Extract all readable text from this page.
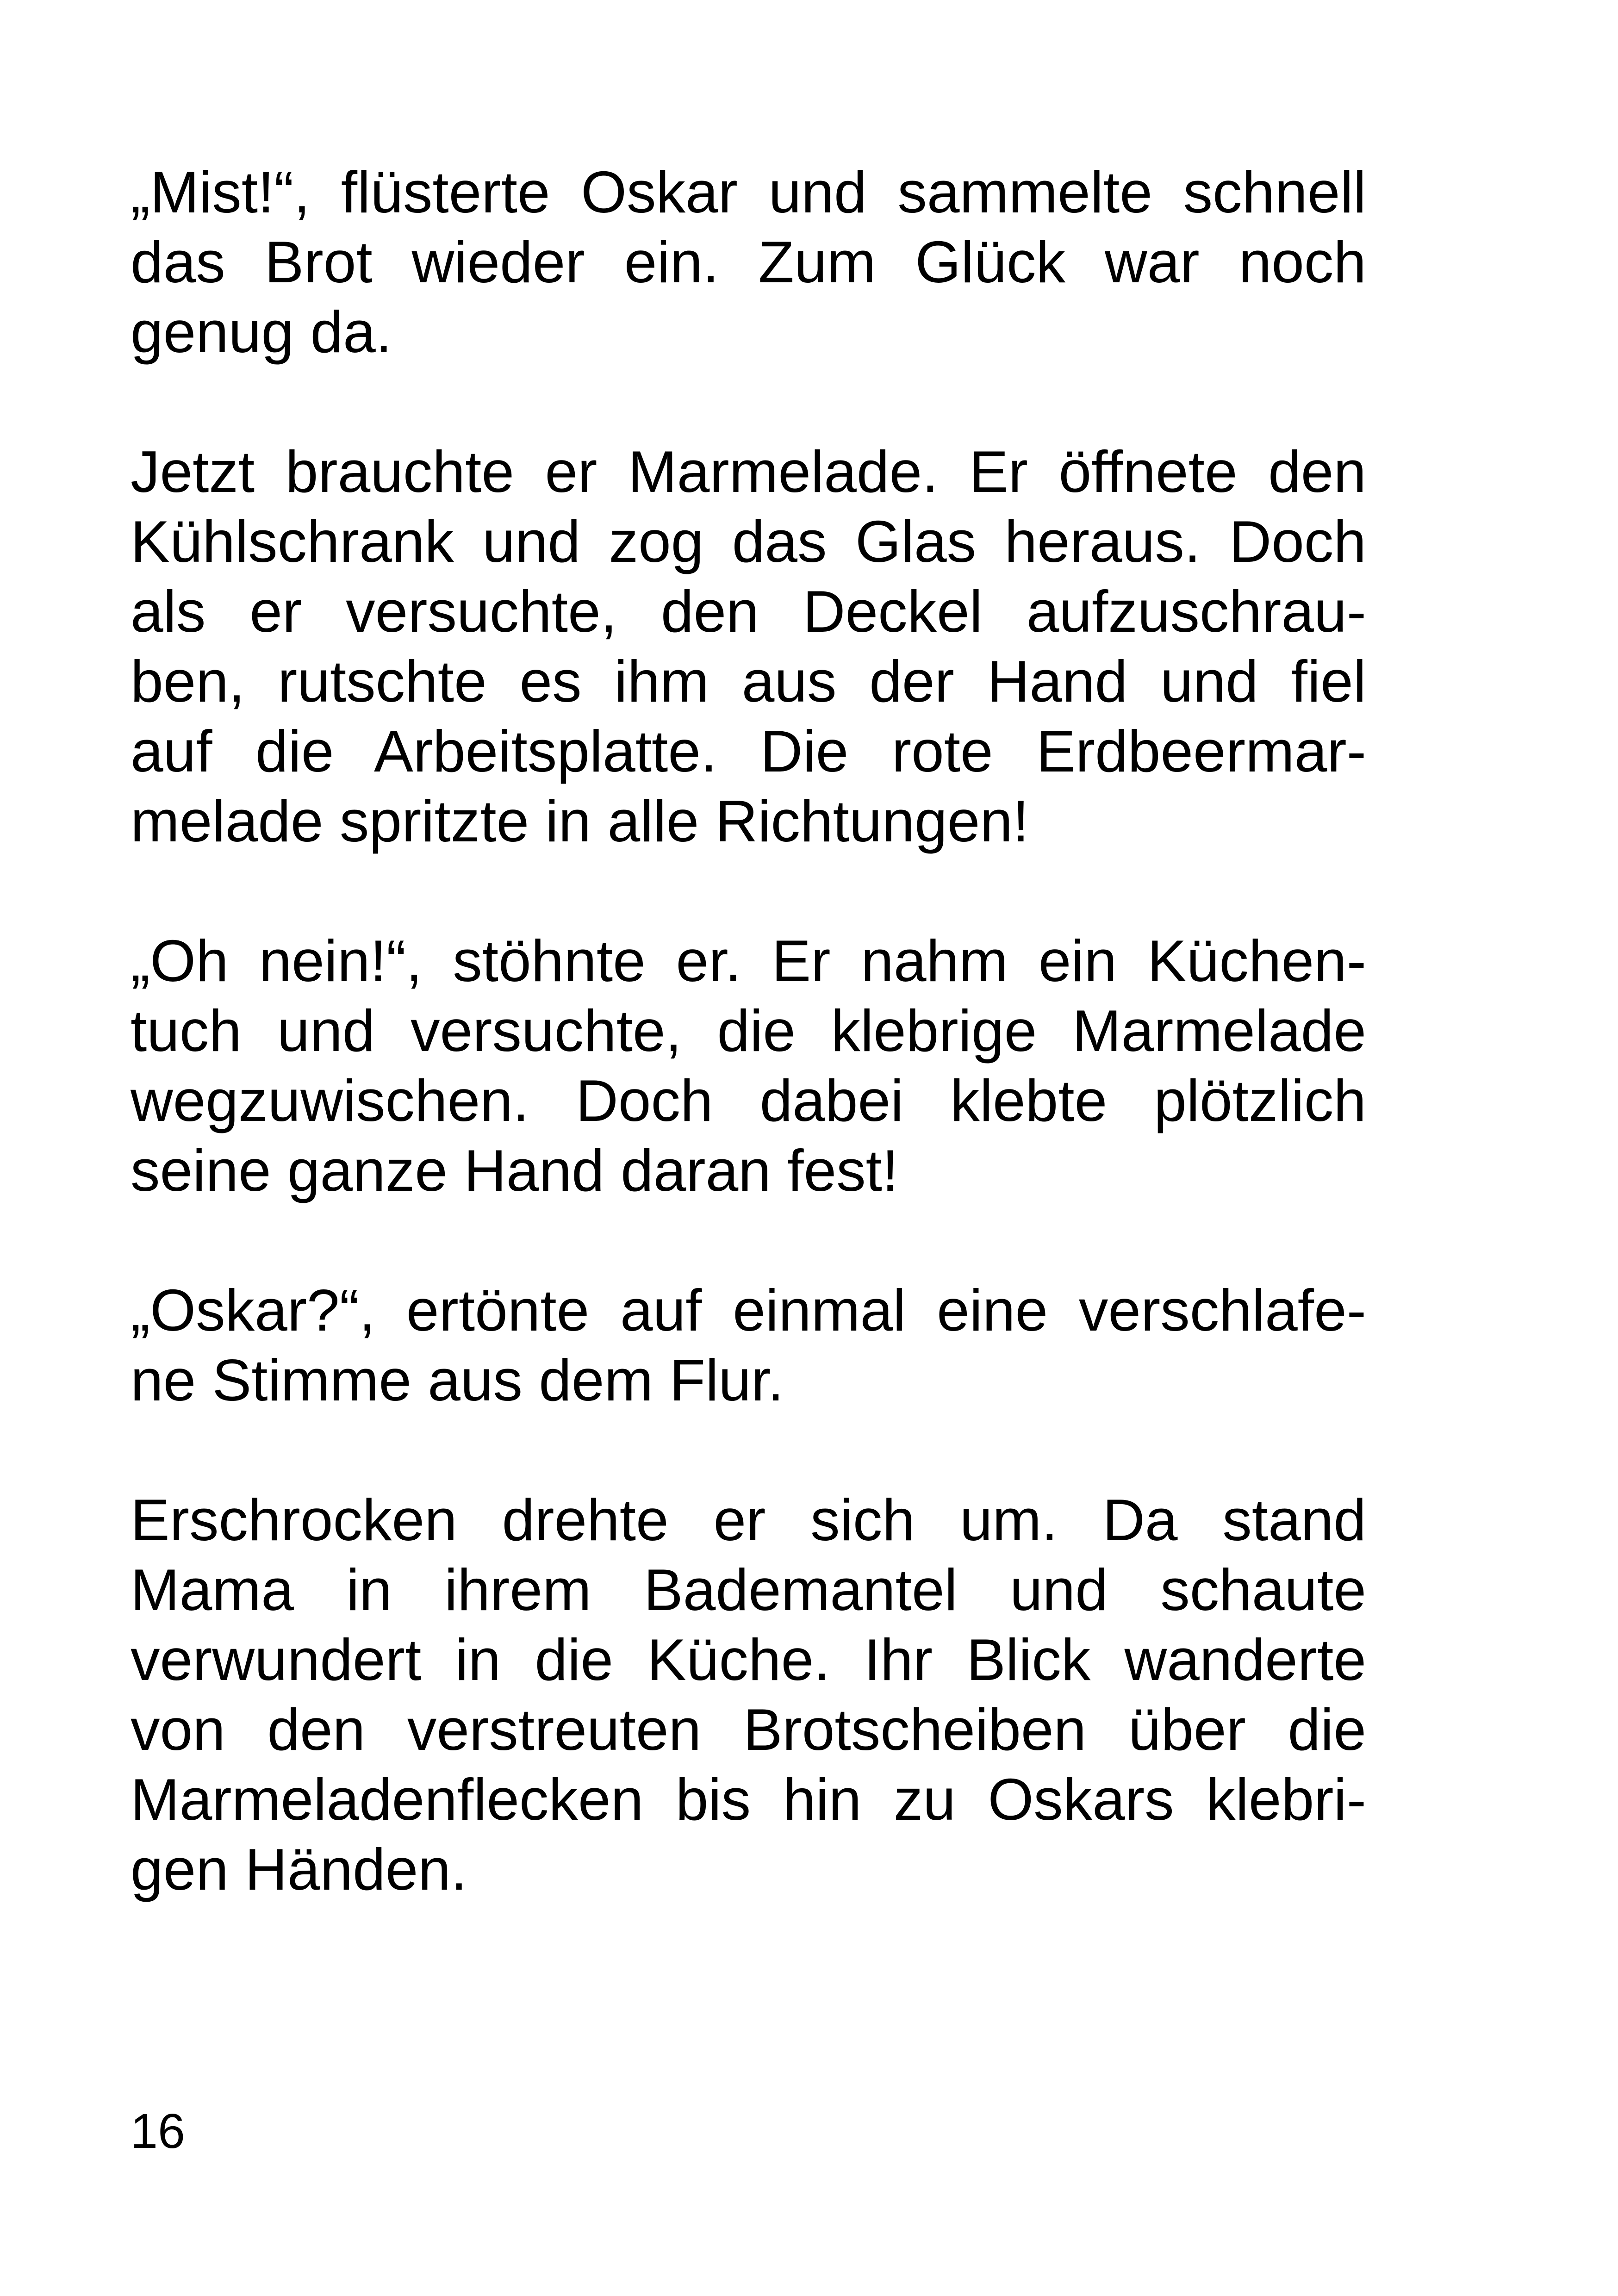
„Mist!“, flüsterte Oskar und sammelte schnell
das Brot wieder ein. Zum Glück war noch
genug da.

Jetzt brauchte er Marmelade. Er öffnete den
Kühlschrank und zog das Glas heraus. Doch
als er versuchte, den Deckel aufzuschrau-
ben, rutschte es ihm aus der Hand und fiel
auf die Arbeitsplatte. Die rote Erdbeermar-
melade spritzte in alle Richtungen!

„Oh nein!“, stöhnte er. Er nahm ein Küchen-
tuch und versuchte, die klebrige Marmelade
wegzuwischen. Doch dabei klebte plötzlich
seine ganze Hand daran fest!

„Oskar?“, ertönte auf einmal eine verschlafe-
ne Stimme aus dem Flur.

Erschrocken drehte er sich um. Da stand
Mama in ihrem Bademantel und schaute
verwundert in die Küche. Ihr Blick wanderte
von den verstreuten Brotscheiben über die
Marmeladenflecken bis hin zu Oskars klebri-
gen Händen.

16
